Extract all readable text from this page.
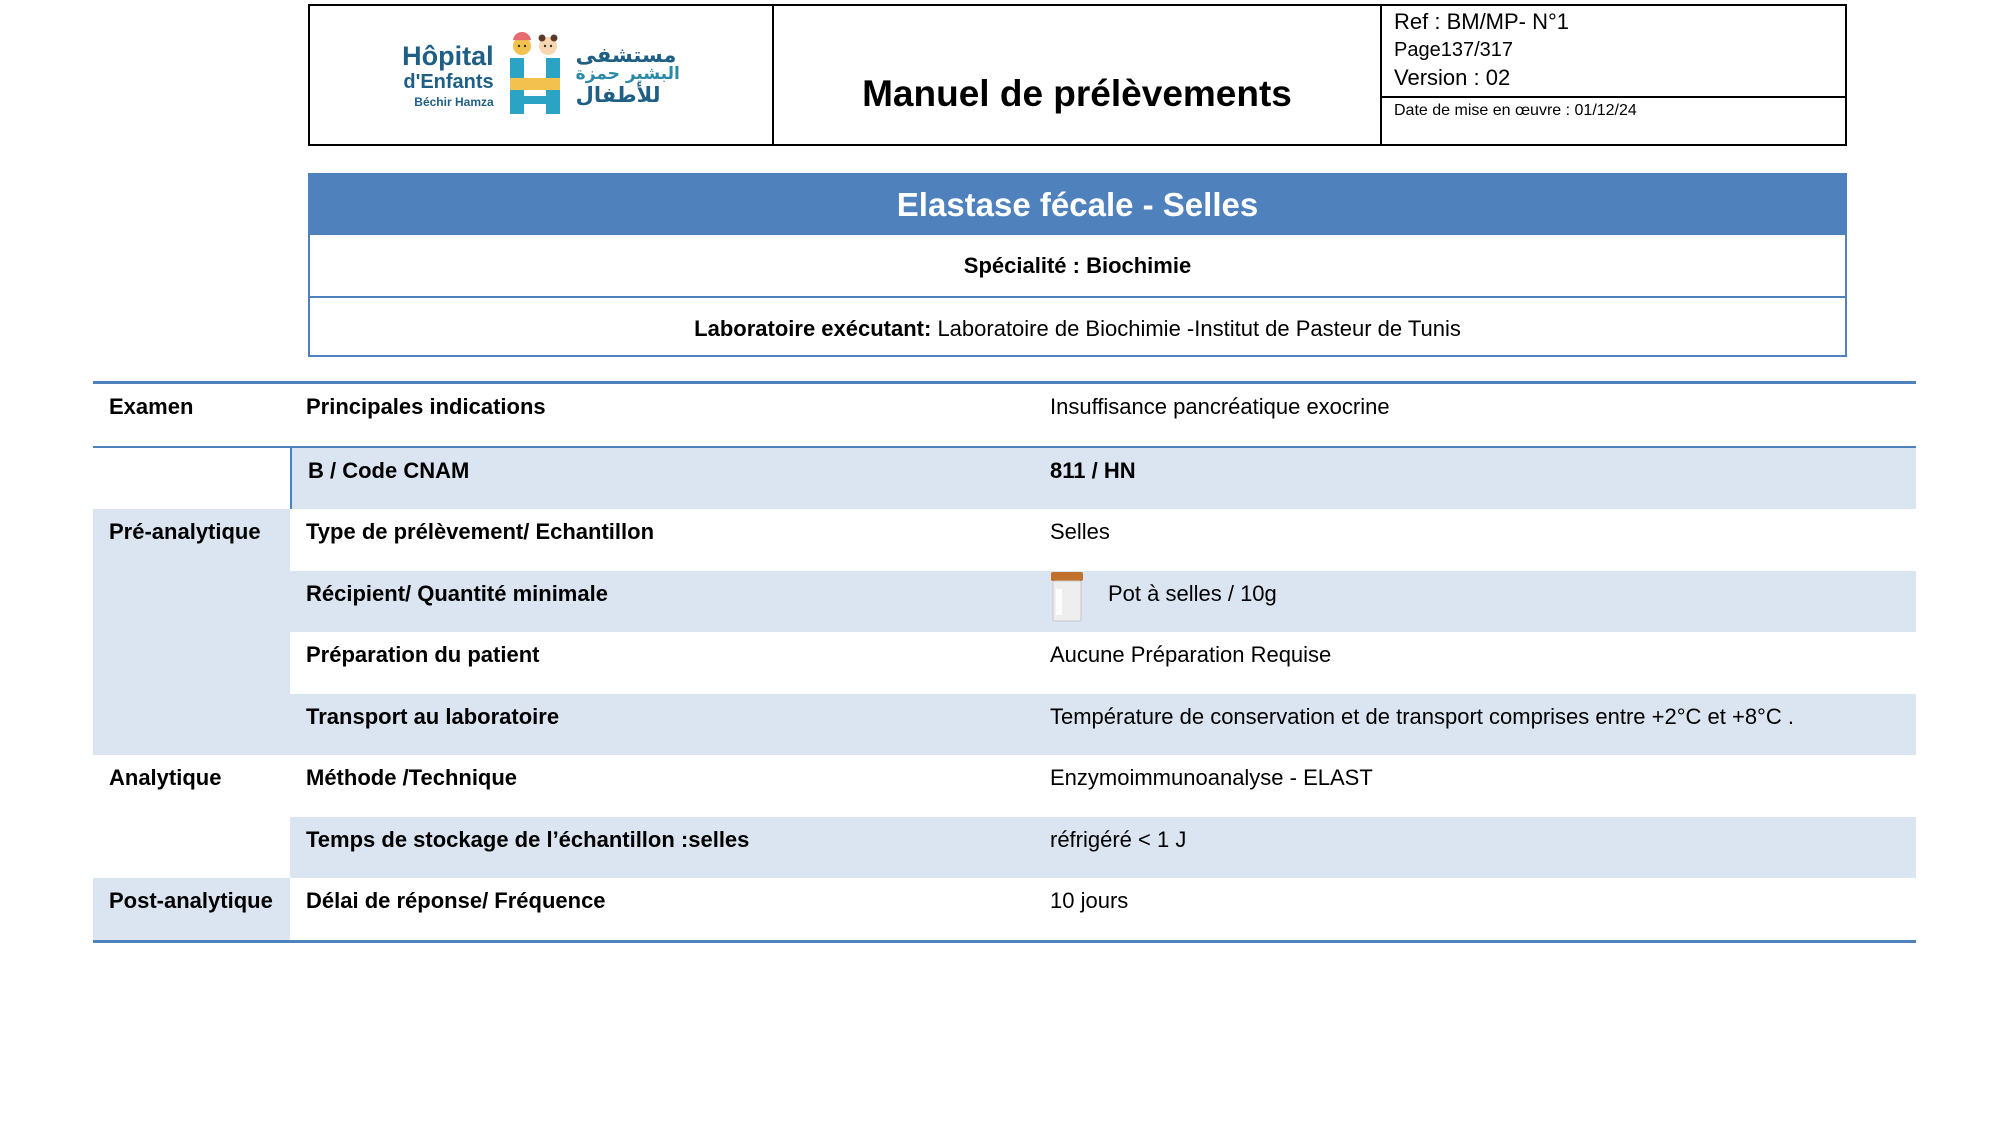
Hôpital
d'Enfants
Béchir Hamza
مستشفى
البشير حمزة
للأطفال	Manuel de prélèvements
Ref : BM/MP- N°1
Page137/317
Version : 02
Date de mise en œuvre : 01/12/24
Elastase fécale - Selles
Spécialité : Biochimie
Laboratoire exécutant: Laboratoire de Biochimie -Institut de Pasteur de Tunis
Examen	Principales indications	Insuffisance pancréatique exocrine
B / Code CNAM	811 / HN
Pré-analytique	Type de prélèvement/ Echantillon	Selles
Récipient/ Quantité minimale	Pot à selles / 10g
Préparation du patient	Aucune Préparation Requise
Transport au laboratoire	Température de conservation et de transport comprises entre +2°C et +8°C .
Analytique	Méthode /Technique	Enzymoimmunoanalyse - ELAST
Temps de stockage de l’échantillon :selles	réfrigéré < 1 J
Post-analytique	Délai de réponse/ Fréquence	10 jours
